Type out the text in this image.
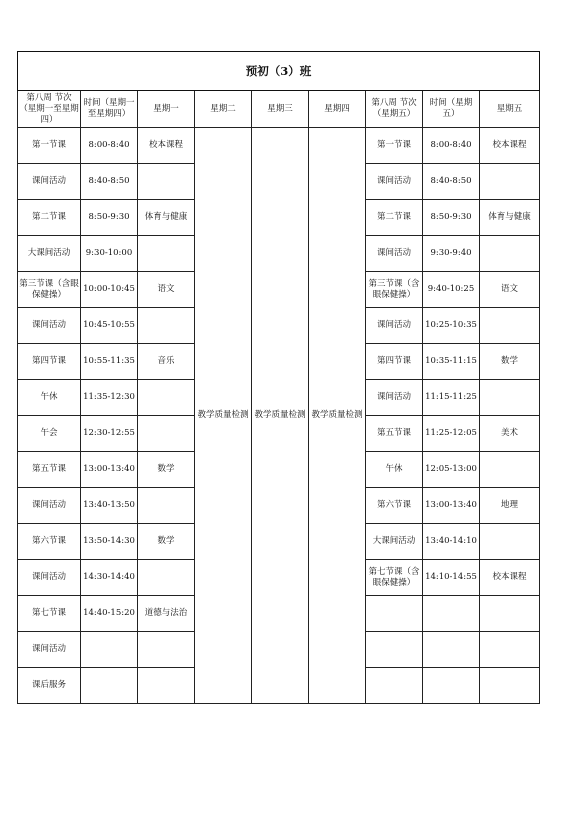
预初（3）班								
第八周 节次（星期一至星期四）	时间（星期一至星期四）	星期一	星期二	星期三	星期四	第八周 节次（星期五）	时间（星期五）	星期五
第一节课	8:00-8:40	校本课程	教学质量检测	教学质量检测	教学质量检测	第一节课	8:00-8:40	校本课程
课间活动	8:40-8:50					课间活动	8:40-8:50	
第二节课	8:50-9:30	体育与健康				第二节课	8:50-9:30	体育与健康
大课间活动	9:30-10:00					课间活动	9:30-9:40	
第三节课（含眼保健操）	10:00-10:45	语文				第三节课（含眼保健操）	9:40-10:25	语文
课间活动	10:45-10:55					课间活动	10:25-10:35	
第四节课	10:55-11:35	音乐				第四节课	10:35-11:15	数学
午休	11:35-12:30					课间活动	11:15-11:25	
午会	12:30-12:55					第五节课	11:25-12:05	美术
第五节课	13:00-13:40	数学				午休	12:05-13:00	
课间活动	13:40-13:50					第六节课	13:00-13:40	地理
第六节课	13:50-14:30	数学				大课间活动	13:40-14:10	
课间活动	14:30-14:40					第七节课（含眼保健操）	14:10-14:55	校本课程
第七节课	14:40-15:20	道德与法治						
课间活动								
课后服务								
